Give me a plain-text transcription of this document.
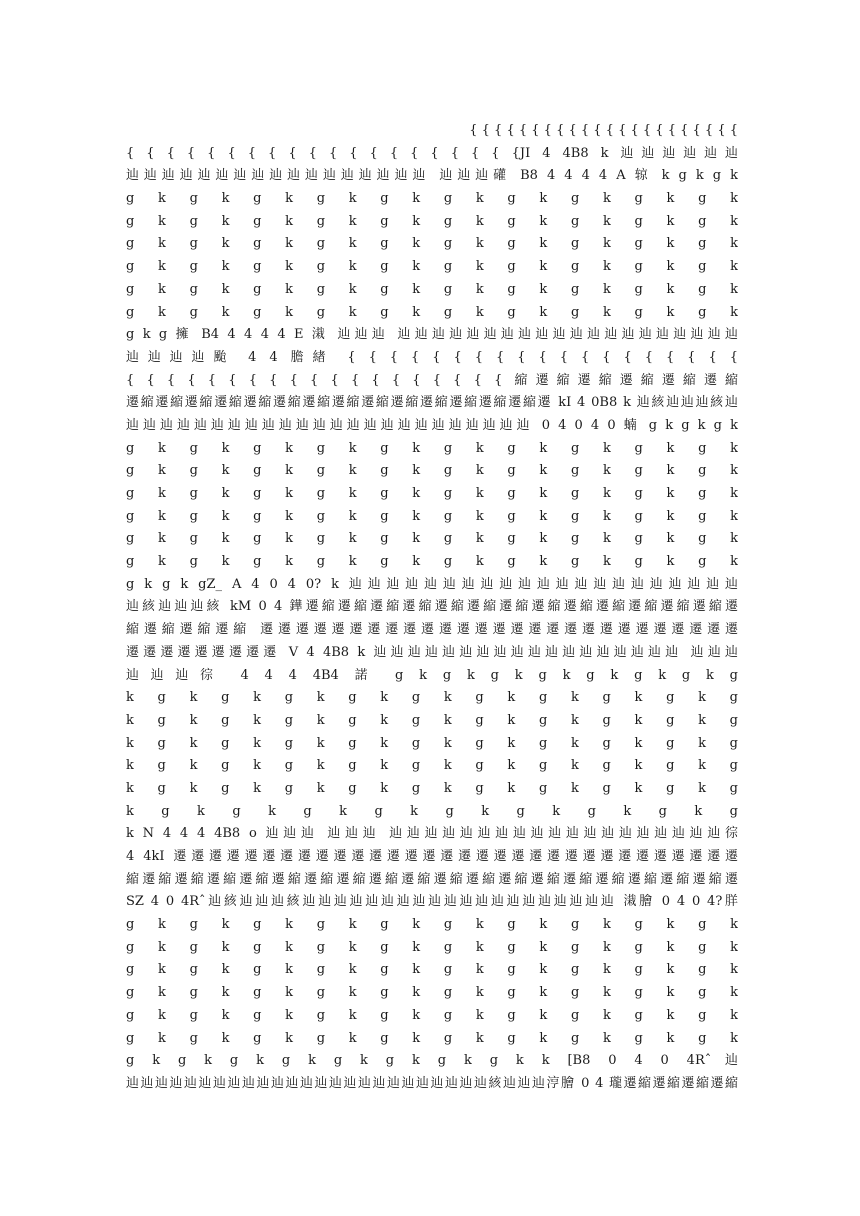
{ { { { { { { { { { { { { { { { { { { { { {
{ { { { { { { { { { { { { { { { { { { {JI 4 4B8 k 辿辿辿辿辿辿
辿辿辿辿辿辿辿辿辿辿辿辿辿辿辿辿辿 辿辿辿礶 B8 4 4 4 4 A 辌 k g k g k
g k g k g k g k g k g k g k g k g k g k
g k g k g k g k g k g k g k g k g k g k
g k g k g k g k g k g k g k g k g k g k
g k g k g k g k g k g k g k g k g k g k
g k g k g k g k g k g k g k g k g k g k
g k g k g k g k g k g k g k g k g k g k
g k g 擁 B4 4 4 4 4 E 溨 辿辿辿 辿辿辿辿辿辿辿辿辿辿辿辿辿辿辿辿辿辿辿辿
辿辿辿辿颱 4 4 膽緖 { { { { { { { { { { { { { { { { { { {
{ { { { { { { { { { { { { { { { { { { 縮遷縮遷縮遷縮遷縮遷縮
遷縮遷縮遷縮遷縮遷縮遷縮遷縮遷縮遷縮遷縮遷縮遷縮遷縮遷縮遷 kI 4 0B8 k 辿絯辿辿辿絯辿
辿辿辿辿辿辿辿辿辿辿辿辿辿辿辿辿辿辿辿辿辿辿辿辿 0 4 0 4 0 蝻 g k g k g k
g k g k g k g k g k g k g k g k g k g k
g k g k g k g k g k g k g k g k g k g k
g k g k g k g k g k g k g k g k g k g k
g k g k g k g k g k g k g k g k g k g k
g k g k g k g k g k g k g k g k g k g k
g k g k g k g k g k g k g k g k g k g k
g k g k gZ_ A 4 0 4 0? k 辿辿辿辿辿辿辿辿辿辿辿辿辿辿辿辿辿辿辿辿辿
辿絯辿辿辿絯 kM 0 4 鏵遷縮遷縮遷縮遷縮遷縮遷縮遷縮遷縮遷縮遷縮遷縮遷縮遷縮遷
縮遷縮遷縮遷縮 遷遷遷遷遷遷遷遷遷遷遷遷遷遷遷遷遷遷遷遷遷遷遷遷遷遷遷
遷遷遷遷遷遷遷遷遷 V 4 4B8 k 辿辿辿辿辿辿辿辿辿辿辿辿辿辿辿辿辿辿 辿辿辿
辿辿辿徖 4 4 4 4B4 諾 g k g k g k g k g k g k g k g
k g k g k g k g k g k g k g k g k g k g
k g k g k g k g k g k g k g k g k g k g
k g k g k g k g k g k g k g k g k g k g
k g k g k g k g k g k g k g k g k g k g
k g k g k g k g k g k g k g k g k g k g
k g k g k g k g k g k g k g k g k g
k N 4 4 4 4B8 o 辿辿辿 辿辿辿 辿辿辿辿辿辿辿辿辿辿辿辿辿辿辿辿辿辿辿徖
4 4kI 遷遷遷遷遷遷遷遷遷遷遷遷遷遷遷遷遷遷遷遷遷遷遷遷遷遷遷遷遷遷遷遷
縮遷縮遷縮遷縮遷縮遷縮遷縮遷縮遷縮遷縮遷縮遷縮遷縮遷縮遷縮遷縮遷縮遷縮遷縮遷
SZ 4 0 4Rˆ辿絯辿辿辿絯辿辿辿辿辿辿辿辿辿辿辿辿辿辿辿辿辿辿辿辿 溨膾 0 4 0 4?羘
g k g k g k g k g k g k g k g k g k g k
g k g k g k g k g k g k g k g k g k g k
g k g k g k g k g k g k g k g k g k g k
g k g k g k g k g k g k g k g k g k g k
g k g k g k g k g k g k g k g k g k g k
g k g k g k g k g k g k g k g k g k g k
g k g k g k g k g k g k g k g k k [B8 0 4 0 4Rˆ辿
辿辿辿辿辿辿辿辿辿辿辿辿辿辿辿辿辿辿辿辿辿辿辿辿辿絯辿辿辿涥膾 0 4 瓏遷縮遷縮遷縮遷縮
